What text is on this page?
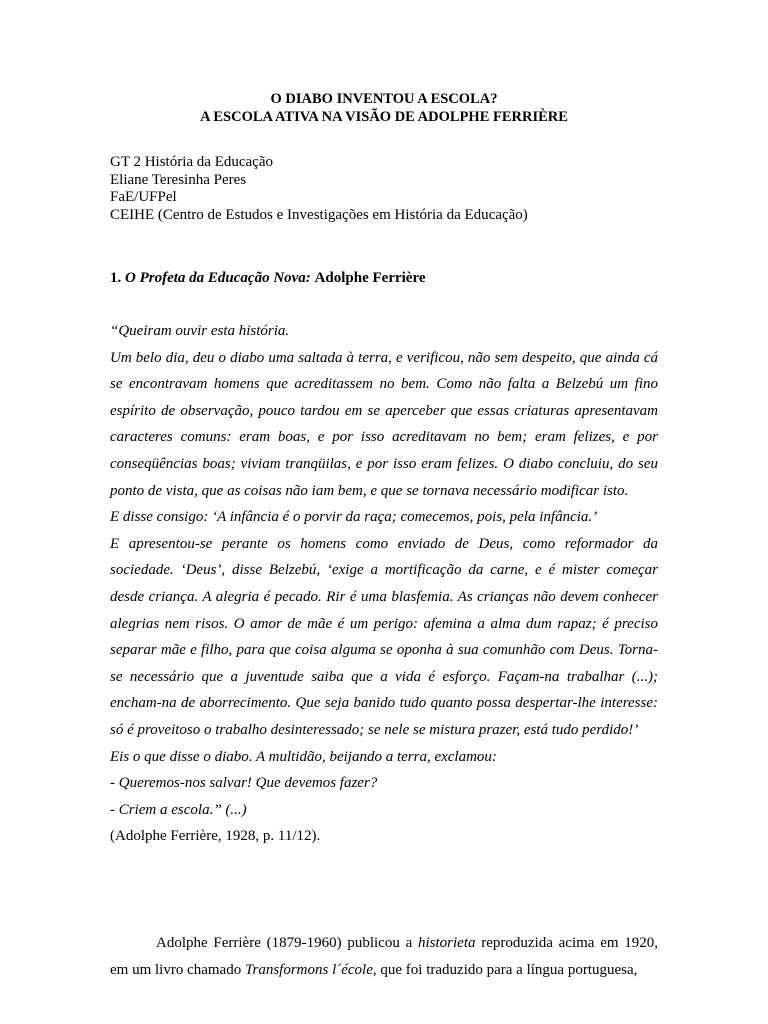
O DIABO INVENTOU A ESCOLA?
A ESCOLA ATIVA NA VISÃO DE ADOLPHE FERRIÈRE
GT 2 História da Educação
Eliane Teresinha Peres
FaE/UFPel
CEIHE (Centro de Estudos e Investigações em História da Educação)
1. O Profeta da Educação Nova: Adolphe Ferrière

“Queiram ouvir esta história.

Um belo dia, deu o diabo uma saltada à terra, e verificou, não sem despeito, que ainda cá se encontravam homens que acreditassem no bem. Como não falta a Belzebú um fino espírito de observação, pouco tardou em se aperceber que essas criaturas apresentavam caracteres comuns: eram boas, e por isso acreditavam no bem; eram felizes, e por conseqüências boas; viviam tranqüilas, e por isso eram felizes. O diabo concluiu, do seu ponto de vista, que as coisas não iam bem, e que se tornava necessário modificar isto.

E disse consigo: ‘A infância é o porvir da raça; comecemos, pois, pela infância.’

E apresentou-se perante os homens como enviado de Deus, como reformador da sociedade. ‘Deus’, disse Belzebú, ‘exige a mortificação da carne, e é mister começar desde criança. A alegria é pecado. Rir é uma blasfemia. As crianças não devem conhecer alegrias nem risos. O amor de mãe é um perigo: afemina a alma dum rapaz; é preciso separar mãe e filho, para que coisa alguma se oponha à sua comunhão com Deus. Torna-se necessário que a juventude saiba que a vida é esforço. Façam-na trabalhar (...); encham-na de aborrecimento. Que seja banido tudo quanto possa despertar-lhe interesse: só é proveitoso o trabalho desinteressado; se nele se mistura prazer, está tudo perdido!’

Eis o que disse o diabo. A multidão, beijando a terra, exclamou:

- Queremos-nos salvar! Que devemos fazer?

- Criem a escola.” (...)

(Adolphe Ferrière, 1928, p. 11/12).

Adolphe Ferrière (1879-1960) publicou a historieta reproduzida acima em 1920, em um livro chamado Transformons l´école, que foi traduzido para a língua portuguesa,
